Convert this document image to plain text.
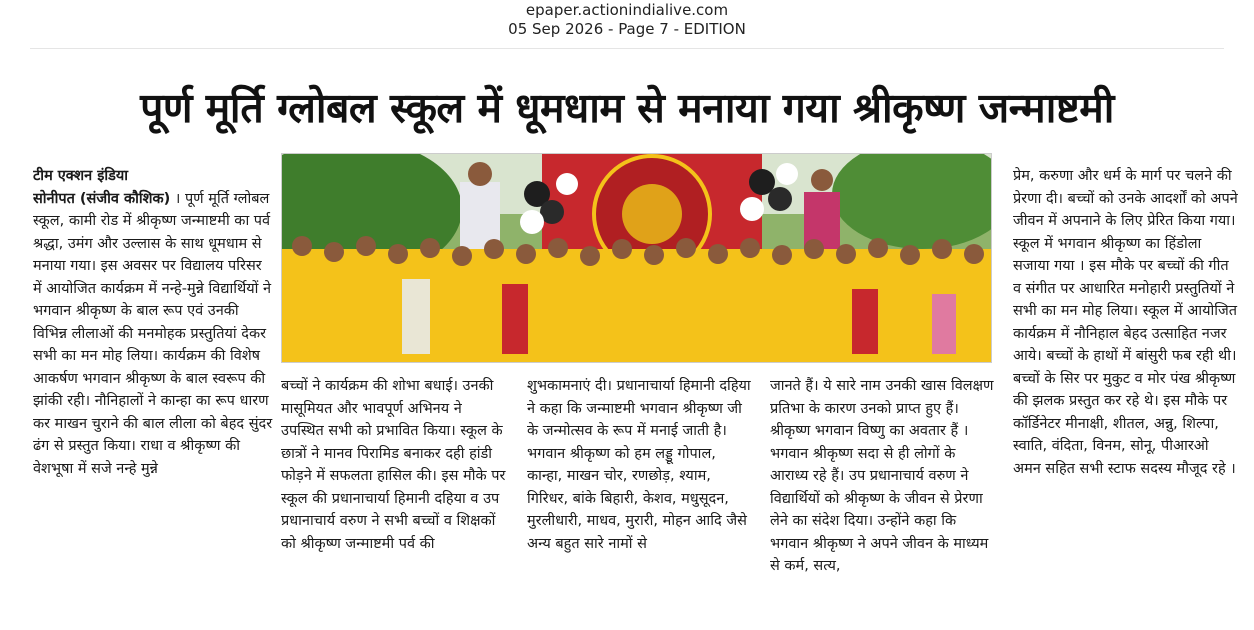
epaper.actionindialive.com
05 Sep 2026 - Page 7 - EDITION
पूर्ण मूर्ति ग्लोबल स्कूल में धूमधाम से मनाया गया श्रीकृष्ण जन्माष्टमी

टीम एक्शन इंडिया
सोनीपत (संजीव कौशिक) । पूर्ण मूर्ति ग्लोबल स्कूल, कामी रोड में श्रीकृष्ण जन्माष्टमी का पर्व श्रद्धा, उमंग और उल्लास के साथ धूमधाम से मनाया गया। इस अवसर पर विद्यालय परिसर में आयोजित कार्यक्रम में नन्हे-मुन्ने विद्यार्थियों ने भगवान श्रीकृष्ण के बाल रूप एवं उनकी विभिन्न लीलाओं की मनमोहक प्रस्तुतियां देकर सभी का मन मोह लिया। कार्यक्रम की विशेष आकर्षण भगवान श्रीकृष्ण के बाल स्वरूप की झांकी रही। नौनिहालों ने कान्हा का रूप धारण कर माखन चुराने की बाल लीला को बेहद सुंदर ढंग से प्रस्तुत किया। राधा व श्रीकृष्ण की वेशभूषा में सजे नन्हे मुन्ने

बच्चों ने कार्यक्रम की शोभा बधाई। उनकी मासूमियत और भावपूर्ण अभिनय ने उपस्थित सभी को प्रभावित किया। स्कूल के छात्रों ने मानव पिरामिड बनाकर दही हांडी फोड़ने में सफलता हासिल की। इस मौके पर स्कूल की प्रधानाचार्या हिमानी दहिया व उप प्रधानाचार्य वरुण ने सभी बच्चों व शिक्षकों को श्रीकृष्ण जन्माष्टमी पर्व की

शुभकामनाएं दी। प्रधानाचार्या हिमानी दहिया ने कहा कि जन्माष्टमी भगवान श्रीकृष्ण जी के जन्मोत्सव के रूप में मनाई जाती है। भगवान श्रीकृष्ण को हम लड्डू गोपाल, कान्हा, माखन चोर, रणछोड़, श्याम, गिरिधर, बांके बिहारी, केशव, मधुसूदन, मुरलीधारी, माधव, मुरारी, मोहन आदि जैसे अन्य बहुत सारे नामों से

जानते हैं। ये सारे नाम उनकी खास विलक्षण प्रतिभा के कारण उनको प्राप्त हुए हैं। श्रीकृष्ण भगवान विष्णु का अवतार हैं । भगवान श्रीकृष्ण सदा से ही लोगों के आराध्य रहे हैं। उप प्रधानाचार्य वरुण ने विद्यार्थियों को श्रीकृष्ण के जीवन से प्रेरणा लेने का संदेश दिया। उन्होंने कहा कि भगवान श्रीकृष्ण ने अपने जीवन के माध्यम से कर्म, सत्य,

प्रेम, करुणा और धर्म के मार्ग पर चलने की प्रेरणा दी। बच्चों को उनके आदर्शों को अपने जीवन में अपनाने के लिए प्रेरित किया गया। स्कूल में भगवान श्रीकृष्ण का हिंडोला सजाया गया । इस मौके पर बच्चों की गीत व संगीत पर आधारित मनोहारी प्रस्तुतियों ने सभी का मन मोह लिया। स्कूल में आयोजित कार्यक्रम में नौनिहाल बेहद उत्साहित नजर आये। बच्चों के हाथों में बांसुरी फब रही थी। बच्चों के सिर पर मुकुट व मोर पंख श्रीकृष्ण की झलक प्रस्तुत कर रहे थे। इस मौके पर कॉर्डिनेटर मीनाक्षी, शीतल, अन्नु, शिल्पा, स्वाति, वंदिता, विनम, सोनू, पीआरओ अमन सहित सभी स्टाफ सदस्य मौजूद रहे ।
